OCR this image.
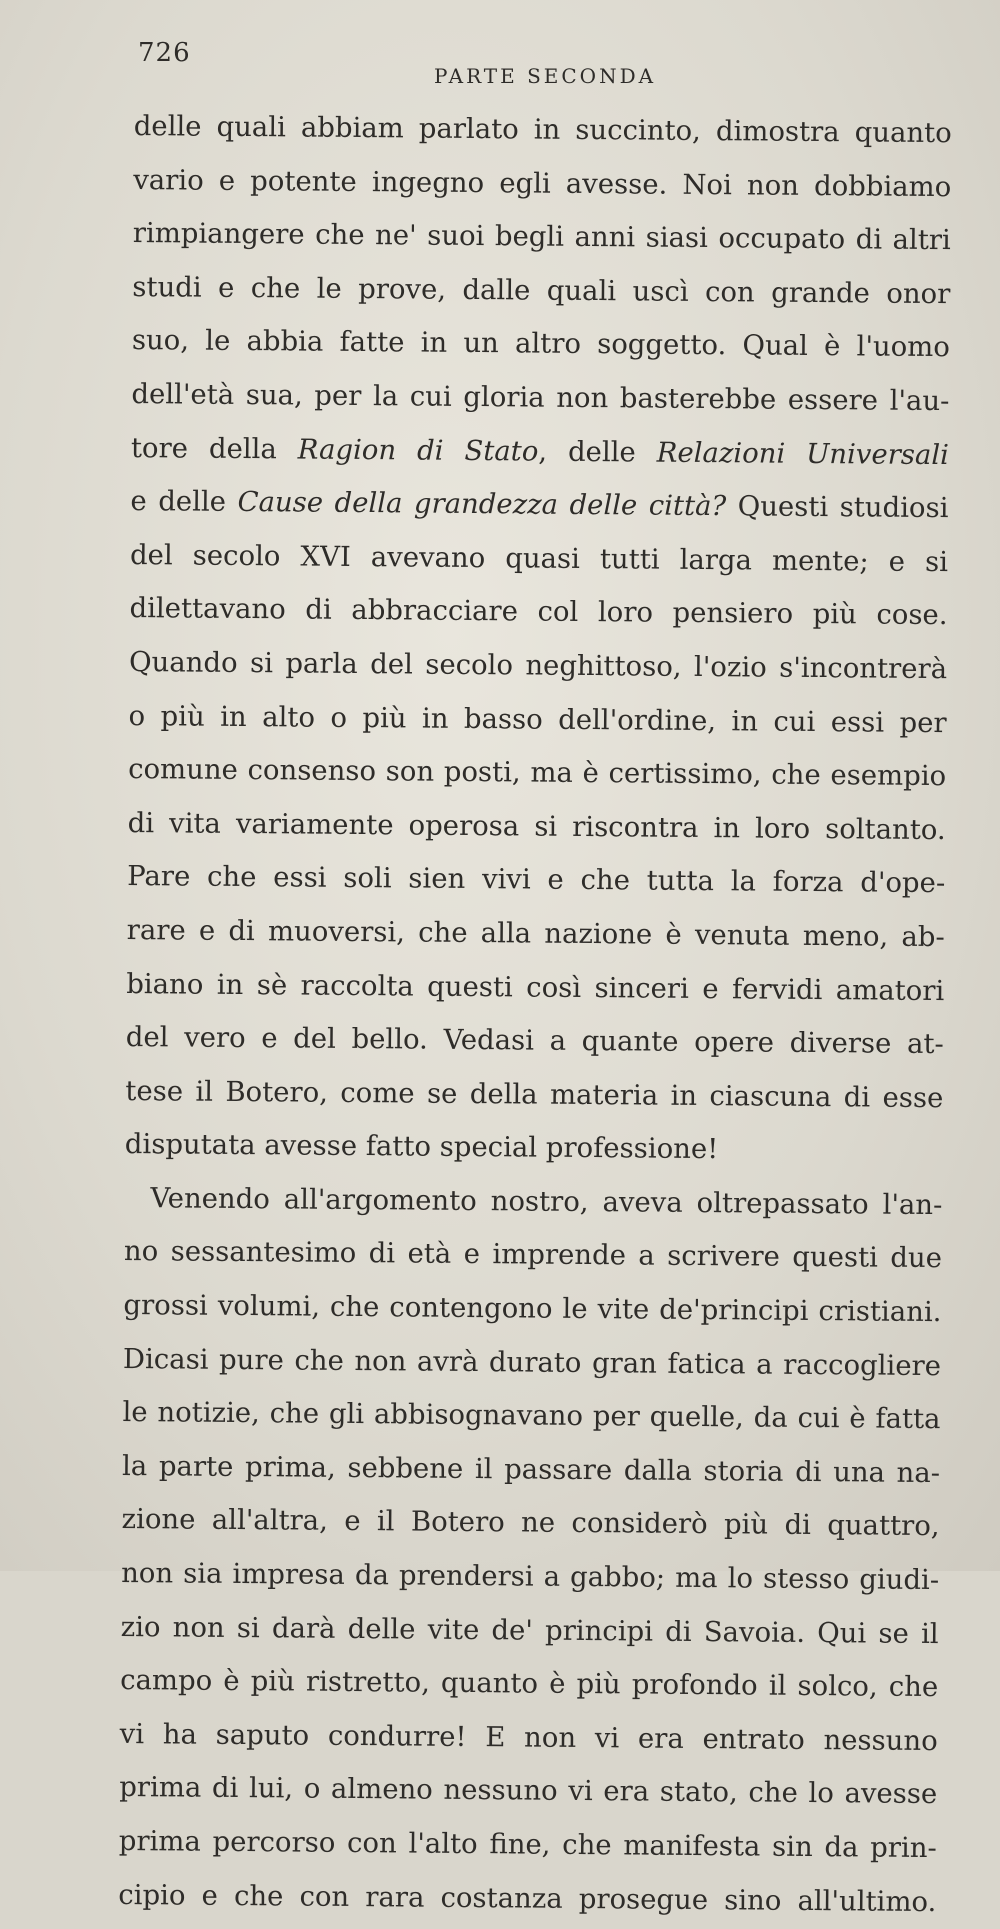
726
PARTE SECONDA
delle quali abbiam parlato in succinto, dimostra quanto
vario e potente ingegno egli avesse. Noi non dobbiamo
rimpiangere che ne' suoi begli anni siasi occupato di altri
studi e che le prove, dalle quali uscì con grande onor
suo, le abbia fatte in un altro soggetto. Qual è l'uomo
dell'età sua, per la cui gloria non basterebbe essere l'au-
tore della Ragion di Stato, delle Relazioni Universali
e delle Cause della grandezza delle città? Questi studiosi
del secolo XVI avevano quasi tutti larga mente; e si
dilettavano di abbracciare col loro pensiero più cose.
Quando si parla del secolo neghittoso, l'ozio s'incontrerà
o più in alto o più in basso dell'ordine, in cui essi per
comune consenso son posti, ma è certissimo, che esempio
di vita variamente operosa si riscontra in loro soltanto.
Pare che essi soli sien vivi e che tutta la forza d'ope-
rare e di muoversi, che alla nazione è venuta meno, ab-
biano in sè raccolta questi così sinceri e fervidi amatori
del vero e del bello. Vedasi a quante opere diverse at-
tese il Botero, come se della materia in ciascuna di esse
disputata avesse fatto special professione!
Venendo all'argomento nostro, aveva oltrepassato l'an-
no sessantesimo di età e imprende a scrivere questi due
grossi volumi, che contengono le vite de'principi cristiani.
Dicasi pure che non avrà durato gran fatica a raccogliere
le notizie, che gli abbisognavano per quelle, da cui è fatta
la parte prima, sebbene il passare dalla storia di una na-
zione all'altra, e il Botero ne considerò più di quattro,
non sia impresa da prendersi a gabbo; ma lo stesso giudi-
zio non si darà delle vite de' principi di Savoia. Qui se il
campo è più ristretto, quanto è più profondo il solco, che
vi ha saputo condurre! E non vi era entrato nessuno
prima di lui, o almeno nessuno vi era stato, che lo avesse
prima percorso con l'alto fine, che manifesta sin da prin-
cipio e che con rara costanza prosegue sino all'ultimo.
